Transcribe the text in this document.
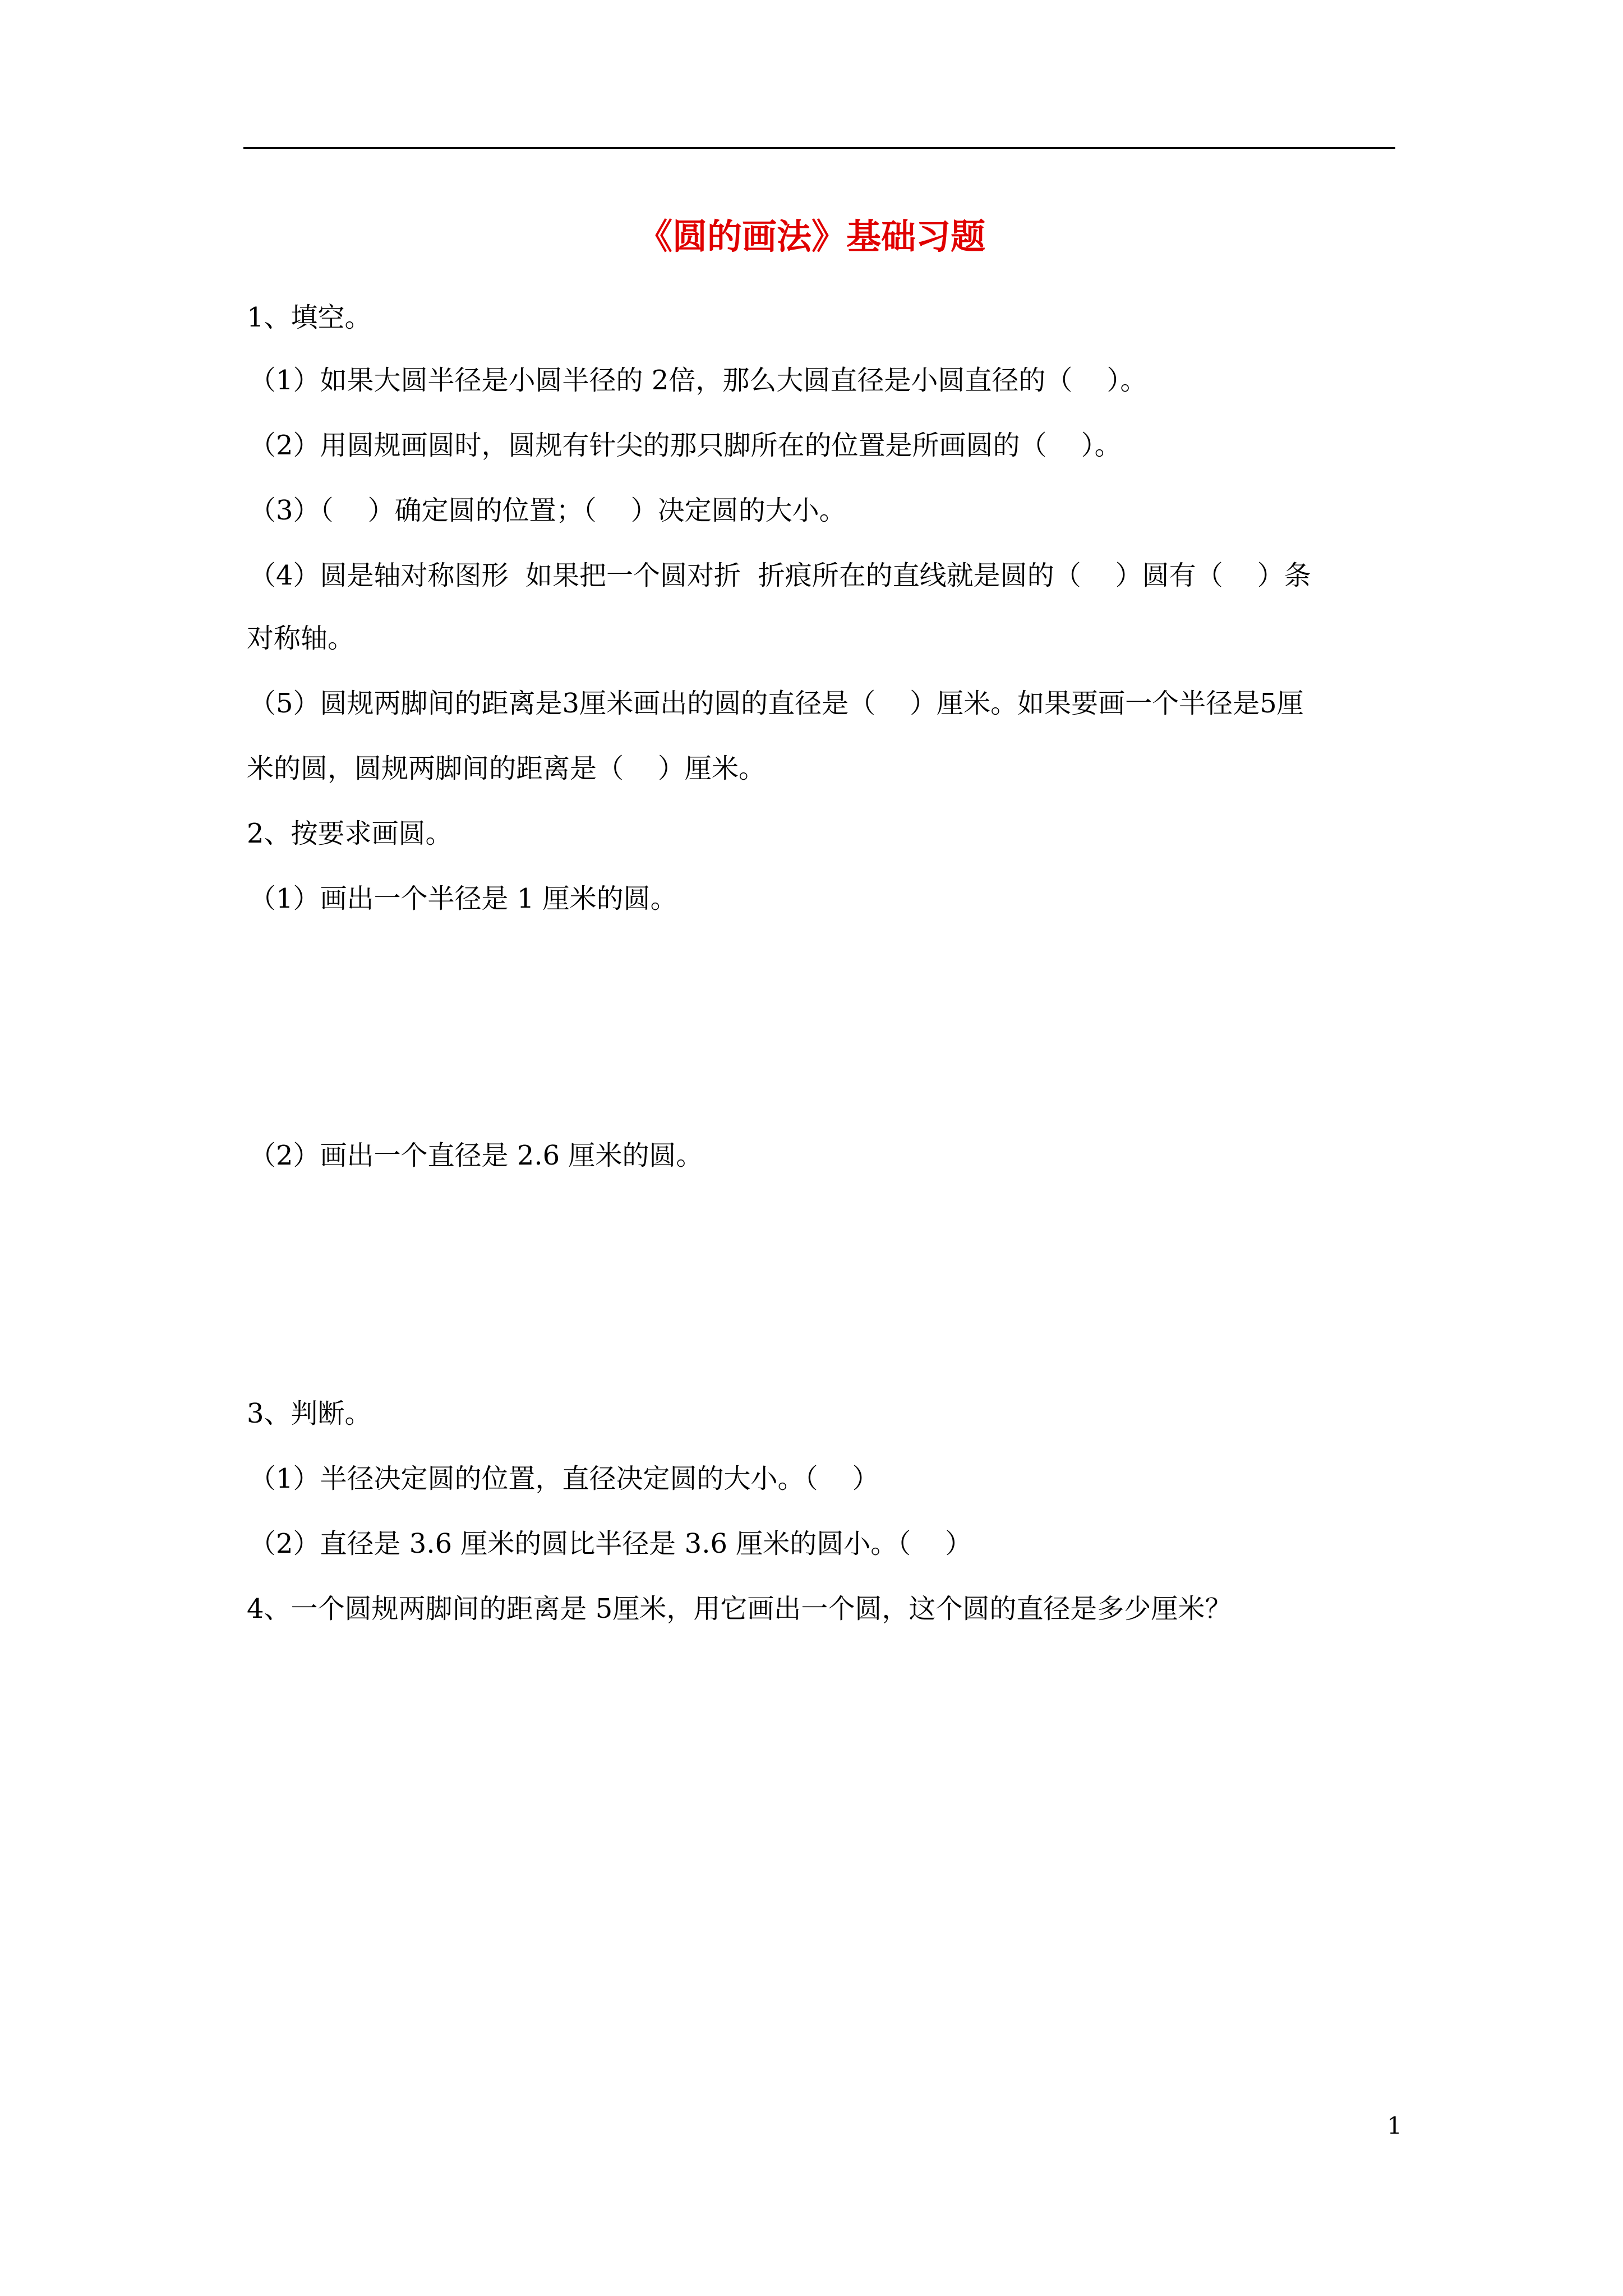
《圆的画法》基础习题
1、填空。
（1）如果大圆半径是小圆半径的 2倍，那么大圆直径是小圆直径的（    ）。
（2）用圆规画圆时，圆规有针尖的那只脚所在的位置是所画圆的（    ）。
（3）（    ）确定圆的位置；（    ）决定圆的大小。
（4）圆是轴对称图形  如果把一个圆对折  折痕所在的直线就是圆的（    ）圆有（    ）条
对称轴。
（5）圆规两脚间的距离是3厘米画出的圆的直径是（    ）厘米。如果要画一个半径是5厘
米的圆，圆规两脚间的距离是（    ）厘米。
2、按要求画圆。
（1）画出一个半径是 1 厘米的圆。
（2）画出一个直径是 2.6 厘米的圆。
3、判断。
（1）半径决定圆的位置，直径决定圆的大小。（    ）
（2）直径是 3.6 厘米的圆比半径是 3.6 厘米的圆小。（    ）
4、一个圆规两脚间的距离是 5厘米，用它画出一个圆，这个圆的直径是多少厘米？
1
